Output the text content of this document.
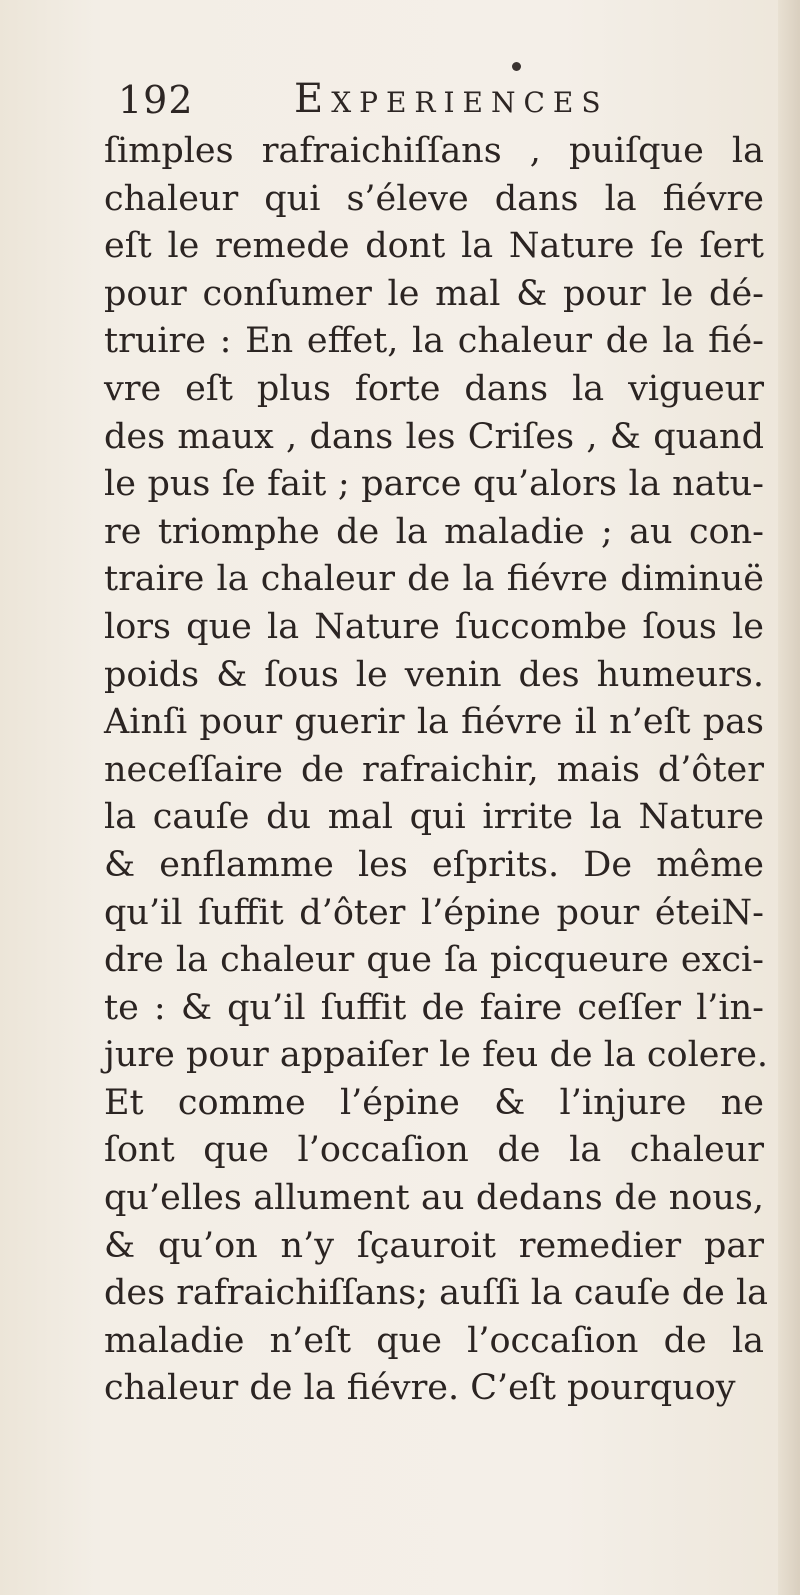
192	Experiences
ſimples rafraichiſſans , puiſque la
chaleur qui s’éleve dans la fiévre
eſt le remede dont la Nature ſe ſert
pour conſumer le mal & pour le dé-
truire : En effet, la chaleur de la fié-
vre eſt plus forte dans la vigueur
des maux , dans les Criſes , & quand
le pus ſe fait ; parce qu’alors la natu-
re triomphe de la maladie ; au con-
traire la chaleur de la fiévre diminuë
lors que la Nature ſuccombe ſous le
poids & ſous le venin des humeurs.
Ainſi pour guerir la fiévre il n’eſt pas
neceſſaire de rafraichir, mais d’ôter
la cauſe du mal qui irrite la Nature
& enflamme les eſprits. De même
qu’il ſuffit d’ôter l’épine pour éteiN-
dre la chaleur que ſa picqueure exci-
te : & qu’il ſuffit de faire ceſſer l’in-
jure pour appaiſer le feu de la colere.
Et comme l’épine & l’injure ne
ſont que l’occaſion de la chaleur
qu’elles allument au dedans de nous,
& qu’on n’y ſçauroit remedier par
des rafraichiſſans; auſſi la cauſe de la
maladie n’eſt que l’occaſion de la
chaleur de la fiévre. C’eſt pourquoy
